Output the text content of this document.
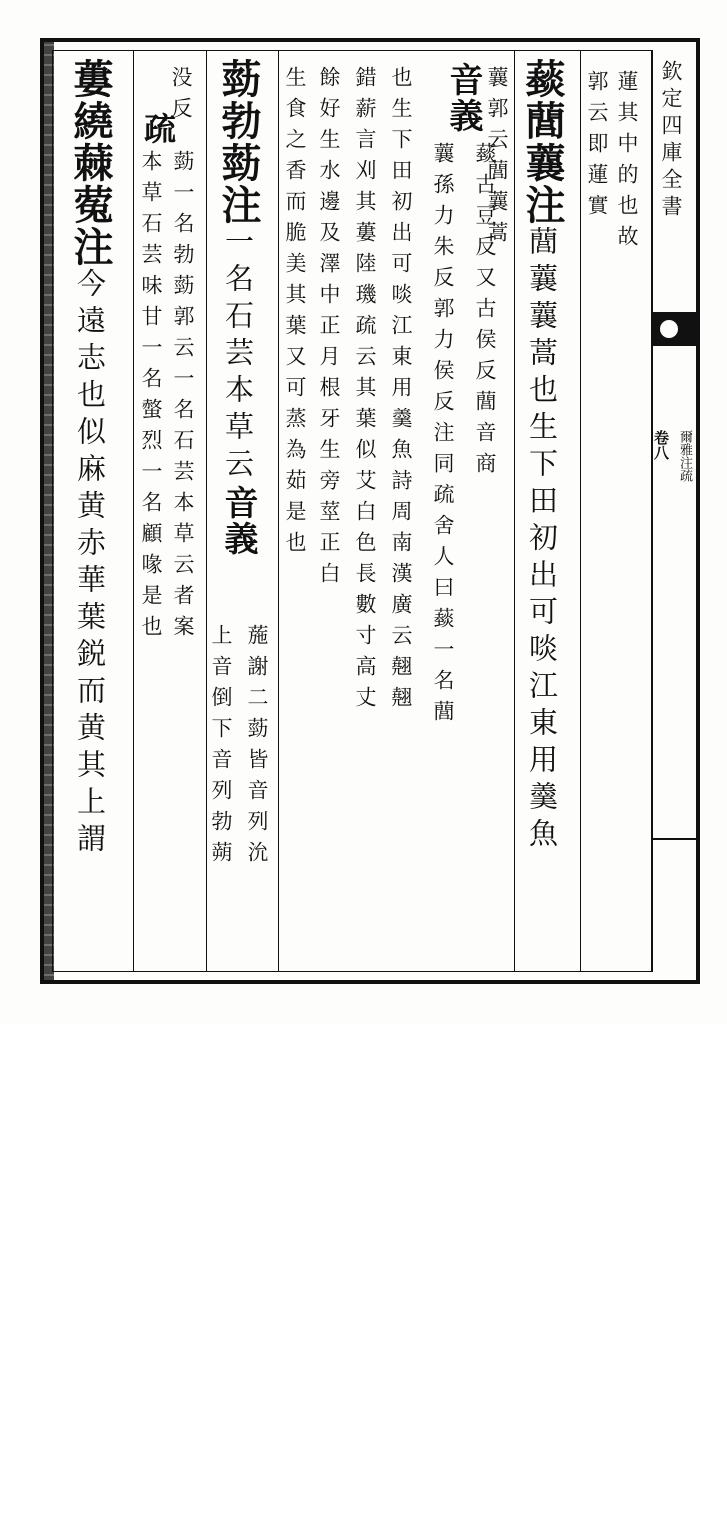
欽定四庫全書
卷八 爾雅注疏
蓮其中的也故
郭云即蓮實
䕭䕡蘘注䕡蘘蘘蒿也生下田初出可啖江東用羹魚
蘘郭云䕡蘘蒿
音義
䕭古豆反又古侯反䕡音商
蘘孫力朱反郭力侯反注同疏舍人曰䕭一名䕡
也生下田初出可啖江東用羹魚詩周南漢廣云翹翹
錯薪言刈其蔞陸璣疏云其葉似艾白色長數寸高丈
餘好生水邊及澤中正月根牙生旁莖正白
生食之香而脆美其葉又可蒸為茹是也
葝勃葝注一名石芸本草云音義
葹謝二葝皆音列沇
上音倒下音列勃蒴
没反
疏
葝一名勃葝郭云一名石芸本草云者案
本草石芸味甘一名螫烈一名顧喙是也
蔞繞蕀蒬注今遠志也似麻黄赤華葉鋭而黄其上謂
